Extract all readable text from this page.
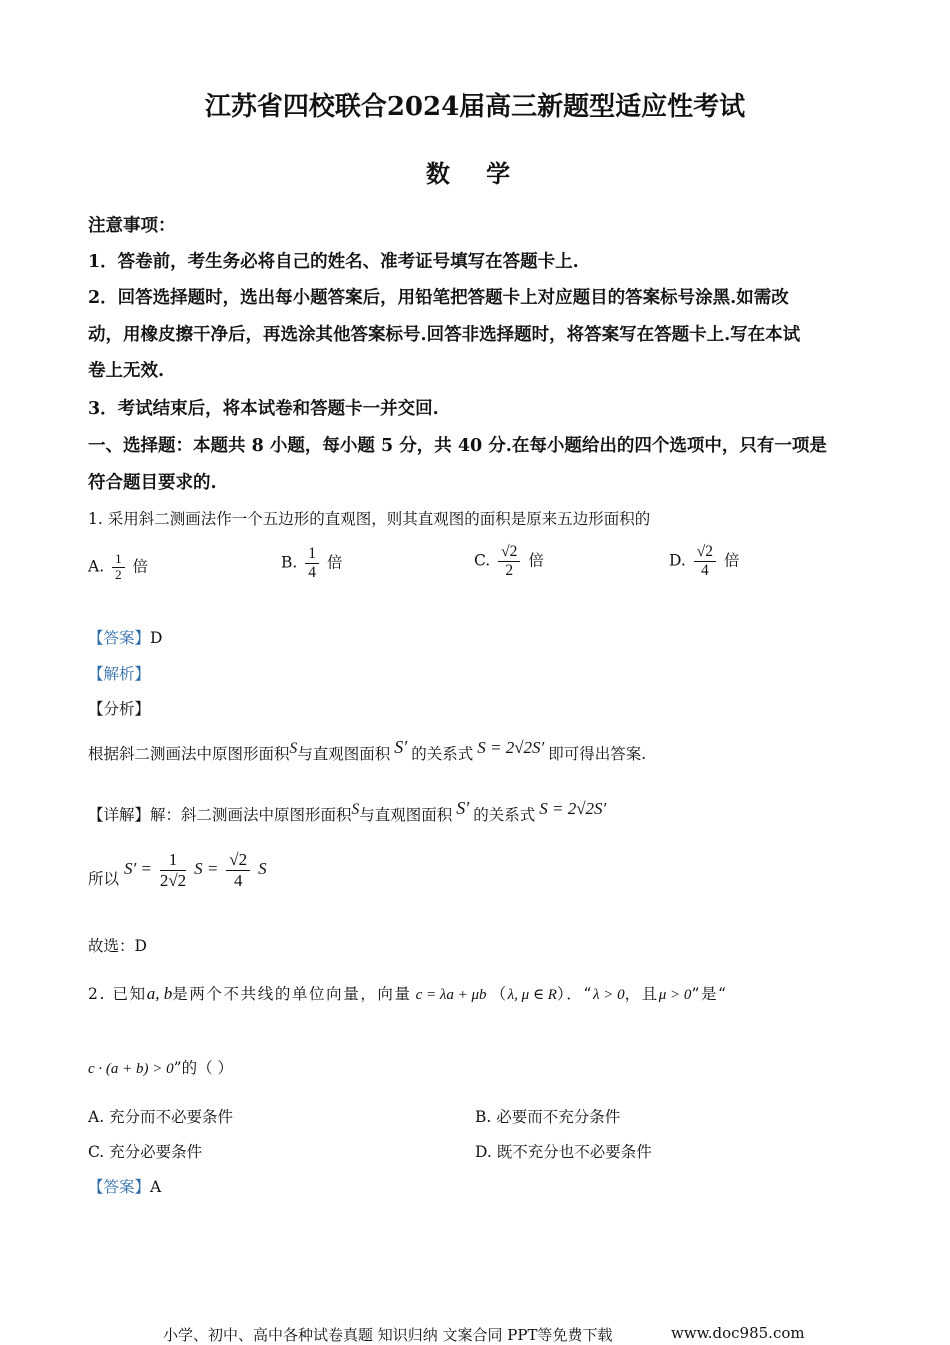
江苏省四校联合2024届高三新题型适应性考试
数 学
注意事项：
1．答卷前，考生务必将自己的姓名、准考证号填写在答题卡上.
2．回答选择题时，选出每小题答案后，用铅笔把答题卡上对应题目的答案标号涂黑.如需改
动，用橡皮擦干净后，再选涂其他答案标号.回答非选择题时，将答案写在答题卡上.写在本试
卷上无效.
3．考试结束后，将本试卷和答题卡一并交回.
一、选择题：本题共 8 小题，每小题 5 分，共 40 分.在每小题给出的四个选项中，只有一项是
符合题目要求的.
1. 采用斜二测画法作一个五边形的直观图，则其直观图的面积是原来五边形面积的
A. $\frac{1}{2}$ 倍	B. $\frac{1}{4}$ 倍	C. $\frac{√2}{2}$ 倍	D. $\frac{√2}{4}$ 倍
【答案】D
【解析】
【分析】
根据斜二测画法中原图形面积S与直观图面积 S′ 的关系式 S = 2√2S′ 即可得出答案.
【详解】解：斜二测画法中原图形面积S与直观图面积 S′ 的关系式 S = 2√2S′
所以 $S' = \frac{1}{2√2}$ $S = \frac{√2}{4}$ S
故选：D
2. 已知a, b是两个不共线的单位向量，向量 c = λa + μb （λ, μ ∈ R）．“λ > 0，且μ > 0”是“
c · (a + b) > 0”的（ ）
A. 充分而不必要条件	B. 必要而不充分条件
C. 充分必要条件	D. 既不充分也不必要条件
【答案】A
小学、初中、高中各种试卷真题 知识归纳 文案合同 PPT等免费下载	www.doc985.com
